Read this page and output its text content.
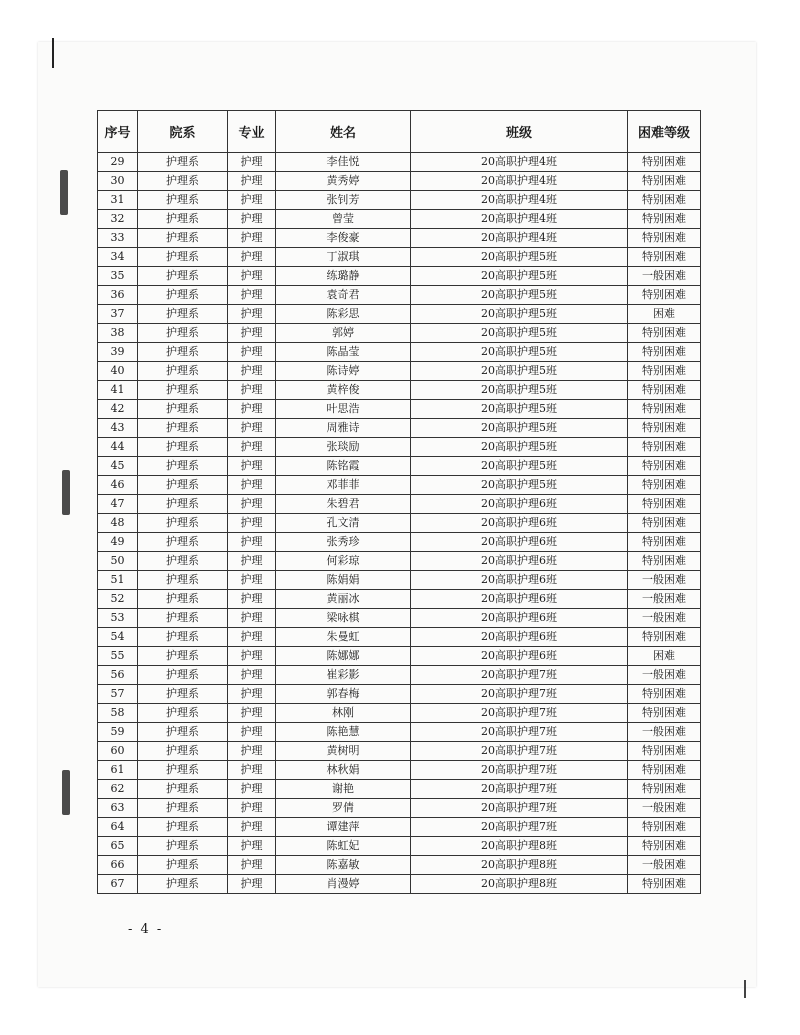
序号	院系	专业	姓名	班级	困难等级
29	护理系	护理	李佳悦	20高职护理4班	特别困难
30	护理系	护理	黄秀婷	20高职护理4班	特别困难
31	护理系	护理	张钊芳	20高职护理4班	特别困难
32	护理系	护理	曾莹	20高职护理4班	特别困难
33	护理系	护理	李俊豪	20高职护理4班	特别困难
34	护理系	护理	丁淑琪	20高职护理5班	特别困难
35	护理系	护理	练璐静	20高职护理5班	一般困难
36	护理系	护理	袁奇君	20高职护理5班	特别困难
37	护理系	护理	陈彩思	20高职护理5班	困难
38	护理系	护理	郭婷	20高职护理5班	特别困难
39	护理系	护理	陈晶莹	20高职护理5班	特别困难
40	护理系	护理	陈诗婷	20高职护理5班	特别困难
41	护理系	护理	黄梓俊	20高职护理5班	特别困难
42	护理系	护理	叶思浩	20高职护理5班	特别困难
43	护理系	护理	周雅诗	20高职护理5班	特别困难
44	护理系	护理	张琰励	20高职护理5班	特别困难
45	护理系	护理	陈铭霞	20高职护理5班	特别困难
46	护理系	护理	邓菲菲	20高职护理5班	特别困难
47	护理系	护理	朱碧君	20高职护理6班	特别困难
48	护理系	护理	孔文清	20高职护理6班	特别困难
49	护理系	护理	张秀珍	20高职护理6班	特别困难
50	护理系	护理	何彩琼	20高职护理6班	特别困难
51	护理系	护理	陈娟娟	20高职护理6班	一般困难
52	护理系	护理	黄丽冰	20高职护理6班	一般困难
53	护理系	护理	梁咏棋	20高职护理6班	一般困难
54	护理系	护理	朱曼虹	20高职护理6班	特别困难
55	护理系	护理	陈娜娜	20高职护理6班	困难
56	护理系	护理	崔彩影	20高职护理7班	一般困难
57	护理系	护理	郭春梅	20高职护理7班	特别困难
58	护理系	护理	林刚	20高职护理7班	特别困难
59	护理系	护理	陈艳慧	20高职护理7班	一般困难
60	护理系	护理	黄树明	20高职护理7班	特别困难
61	护理系	护理	林秋娟	20高职护理7班	特别困难
62	护理系	护理	谢艳	20高职护理7班	特别困难
63	护理系	护理	罗倩	20高职护理7班	一般困难
64	护理系	护理	谭建萍	20高职护理7班	特别困难
65	护理系	护理	陈虹妃	20高职护理8班	特别困难
66	护理系	护理	陈嘉敏	20高职护理8班	一般困难
67	护理系	护理	肖漫婷	20高职护理8班	特别困难
- 4 -
